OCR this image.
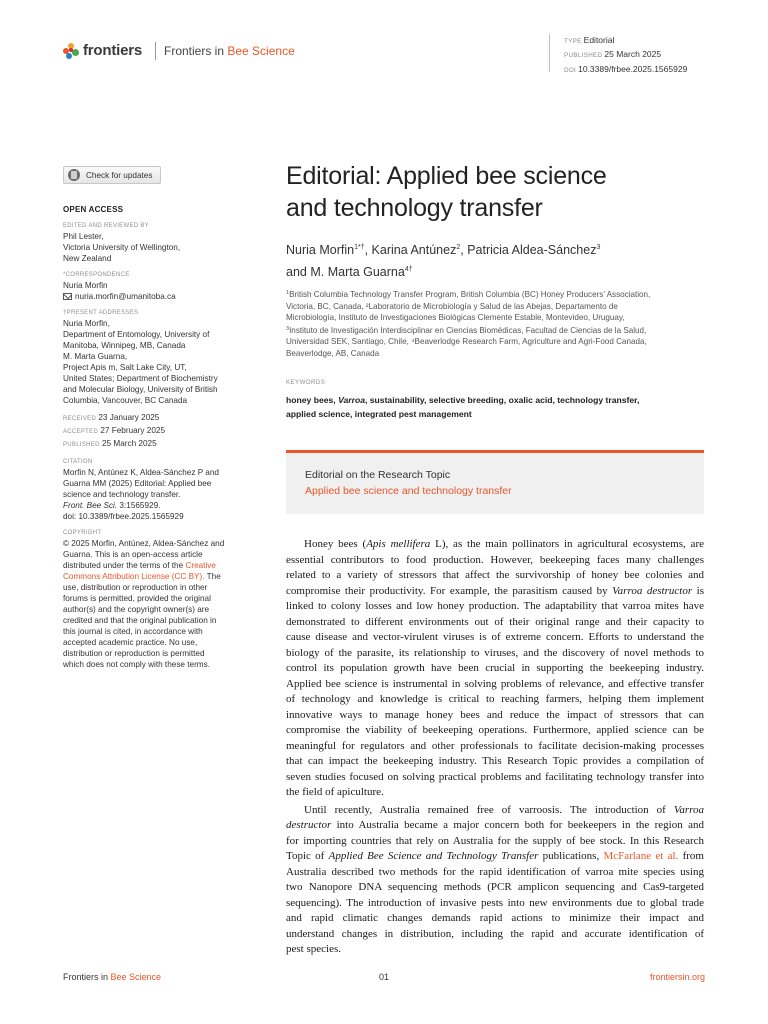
frontiers Frontiers in Bee Science
TYPE Editorial
PUBLISHED 25 March 2025
DOI 10.3389/frbee.2025.1565929
Check for updates
OPEN ACCESS
EDITED AND REVIEWED BY
Phil Lester,
Victoria University of Wellington,
New Zealand
*CORRESPONDENCE
Nuria Morfin
nuria.morfin@umanitoba.ca
†PRESENT ADDRESSES
Nuria Morfin,
Department of Entomology, University of
Manitoba, Winnipeg, MB, Canada
M. Marta Guarna,
Project Apis m, Salt Lake City, UT,
United States; Department of Biochemistry
and Molecular Biology, University of British
Columbia, Vancouver, BC Canada
RECEIVED 23 January 2025
ACCEPTED 27 February 2025
PUBLISHED 25 March 2025
CITATION
Morfin N, Antúnez K, Aldea-Sánchez P and
Guarna MM (2025) Editorial: Applied bee
science and technology transfer.
Front. Bee Sci. 3:1565929.
doi: 10.3389/frbee.2025.1565929
COPYRIGHT
© 2025 Morfin, Antúnez, Aldea-Sánchez and
Guarna. This is an open-access article
distributed under the terms of the Creative
Commons Attribution License (CC BY). The
use, distribution or reproduction in other
forums is permitted, provided the original
author(s) and the copyright owner(s) are
credited and that the original publication in
this journal is cited, in accordance with
accepted academic practice. No use,
distribution or reproduction is permitted
which does not comply with these terms.
Editorial: Applied bee science
and technology transfer
Nuria Morfin$^{1*\dagger}$, Karina Antúnez$^2$, Patricia Aldea-Sánchez$^3$
and M. Marta Guarna$^{4\dagger}$
$^1$British Columbia Technology Transfer Program, British Columbia (BC) Honey Producers’ Association,
Victoria, BC, Canada, ²Laboratorio de Microbiología y Salud de las Abejas, Departamento de
Microbiología, Instituto de Investigaciones Biológicas Clemente Estable, Montevideo, Uruguay,
$^3$Instituto de Investigación Interdisciplinar en Ciencias Biomédicas, Facultad de Ciencias de la Salud,
Universidad SEK, Santiago, Chile, ⁴Beaverlodge Research Farm, Agriculture and Agri-Food Canada,
Beaverlodge, AB, Canada
KEYWORDS
honey bees, Varroa, sustainability, selective breeding, oxalic acid, technology transfer,
applied science, integrated pest management
Editorial on the Research Topic
Applied bee science and technology transfer
Honey bees (Apis mellifera L), as the main pollinators in agricultural ecosystems, are
essential contributors to food production. However, beekeeping faces many challenges
related to a variety of stressors that affect the survivorship of honey bee colonies and
compromise their productivity. For example, the parasitism caused by Varroa destructor is
linked to colony losses and low honey production. The adaptability that varroa mites have
demonstrated to different environments out of their original range and their capacity to
cause disease and vector-virulent viruses is of extreme concern. Efforts to understand the
biology of the parasite, its relationship to viruses, and the discovery of novel methods to
control its population growth have been crucial in supporting the beekeeping industry.
Applied bee science is instrumental in solving problems of relevance, and effective transfer
of technology and knowledge is critical to reaching farmers, helping them implement
innovative ways to manage honey bees and reduce the impact of stressors that can
compromise the viability of beekeeping operations. Furthermore, applied science can be
meaningful for regulators and other professionals to facilitate decision-making processes
that can impact the beekeeping industry. This Research Topic provides a compilation of
seven studies focused on solving practical problems and facilitating technology transfer into
the field of apiculture.
Until recently, Australia remained free of varroosis. The introduction of Varroa
destructor into Australia became a major concern both for beekeepers in the region and
for importing countries that rely on Australia for the supply of bee stock. In this Research
Topic of Applied Bee Science and Technology Transfer publications, McFarlane et al. from
Australia described two methods for the rapid identification of varroa mite species using
two Nanopore DNA sequencing methods (PCR amplicon sequencing and Cas9-targeted
sequencing). The introduction of invasive pests into new environments due to global trade
and rapid climatic changes demands rapid actions to minimize their impact and
understand changes in distribution, including the rapid and accurate identification of
pest species.
Frontiers in Bee Science	01	frontiersin.org
